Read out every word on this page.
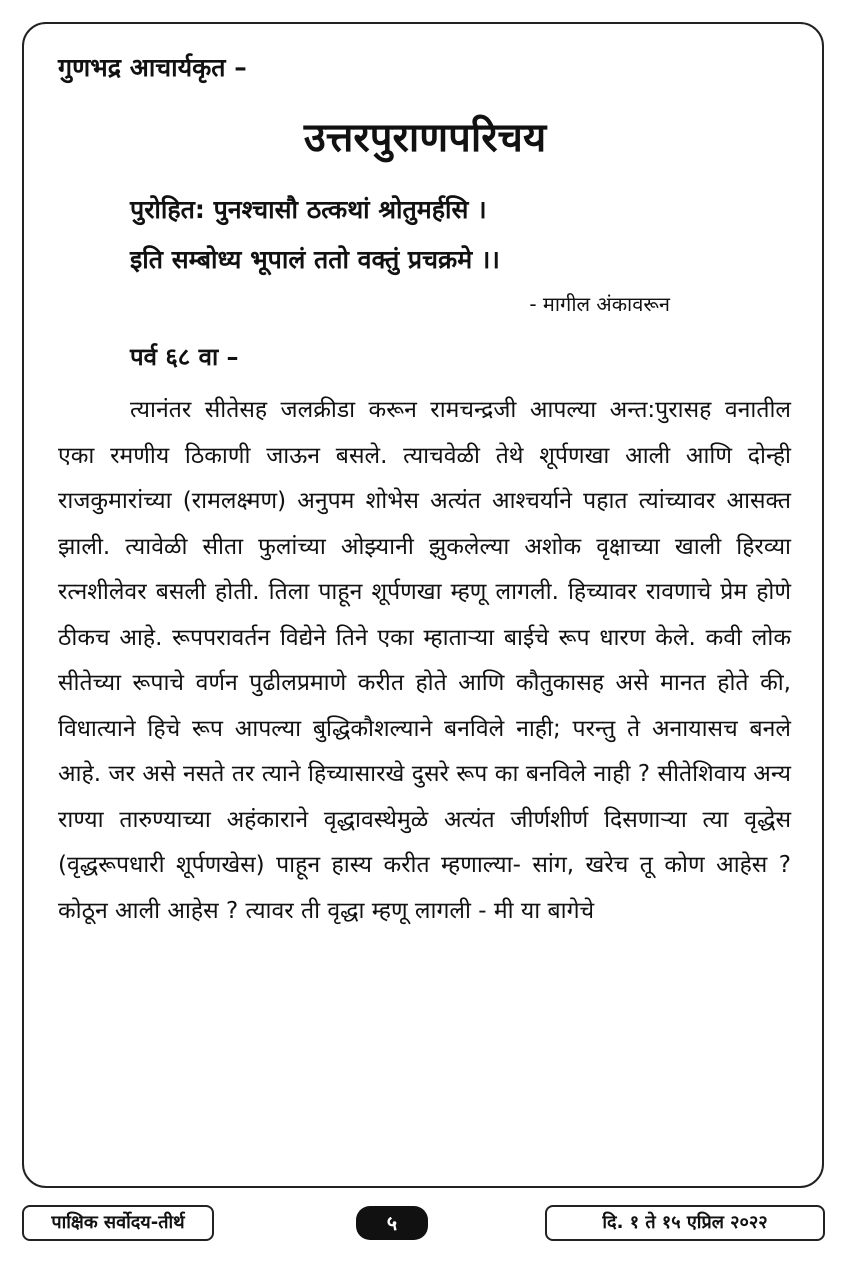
गुणभद्र आचार्यकृत –
उत्तरपुराणपरिचय
पुरोहित: पुनश्चासौ ठत्कथां श्रोतुमर्हसि ।
इति सम्बोध्य भूपालं ततो वक्तुं प्रचक्रमे ।।
- मागील अंकावरून
पर्व ६८ वा –

त्यानंतर सीतेसह जलक्रीडा करून रामचन्द्रजी आपल्या अन्त:पुरासह वनातील एका रमणीय ठिकाणी जाऊन बसले. त्याचवेळी तेथे शूर्पणखा आली आणि दोन्ही राजकुमारांच्या (रामलक्ष्मण) अनुपम शोभेस अत्यंत आश्चर्याने पहात त्यांच्यावर आसक्त झाली. त्यावेळी सीता फुलांच्या ओझ्यानी झुकलेल्या अशोक वृक्षाच्या खाली हिरव्या रत्नशीलेवर बसली होती. तिला पाहून शूर्पणखा म्हणू लागली. हिच्यावर रावणाचे प्रेम होणे ठीकच आहे. रूपपरावर्तन विद्येने तिने एका म्हाताऱ्या बाईचे रूप धारण केले. कवी लोक सीतेच्या रूपाचे वर्णन पुढीलप्रमाणे करीत होते आणि कौतुकासह असे मानत होते की, विधात्याने हिचे रूप आपल्या बुद्धिकौशल्याने बनविले नाही; परन्तु ते अनायासच बनले आहे. जर असे नसते तर त्याने हिच्यासारखे दुसरे रूप का बनविले नाही ? सीतेशिवाय अन्य राण्या तारुण्याच्या अहंकाराने वृद्धावस्थेमुळे अत्यंत जीर्णशीर्ण दिसणाऱ्या त्या वृद्धेस (वृद्धरूपधारी शूर्पणखेस) पाहून हास्य करीत म्हणाल्या- सांग, खरेच तू कोण आहेस ? कोठून आली आहेस ? त्यावर ती वृद्धा म्हणू लागली - मी या बागेचे

पाक्षिक सर्वोदय-तीर्थ	५	दि. १ ते १५ एप्रिल २०२२
